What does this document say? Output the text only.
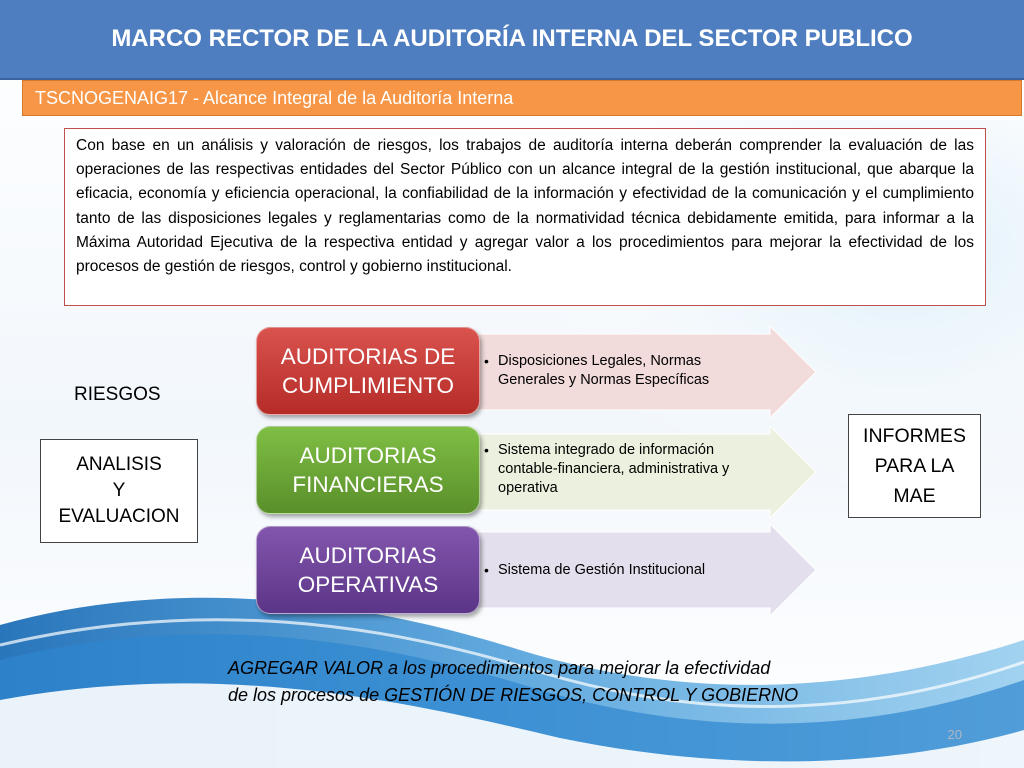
MARCO RECTOR DE LA AUDITORÍA INTERNA DEL SECTOR PUBLICO
TSCNOGENAIG17 - Alcance Integral de la Auditoría Interna
Con base en un análisis y valoración de riesgos, los trabajos de auditoría interna deberán comprender la evaluación de las operaciones de las respectivas entidades del Sector Público con un alcance integral de la gestión institucional, que abarque la eficacia, economía y eficiencia operacional, la confiabilidad de la información y efectividad de la comunicación y el cumplimiento tanto de las disposiciones legales y reglamentarias como de la normatividad técnica debidamente emitida, para informar a la Máxima Autoridad Ejecutiva de la respectiva entidad y agregar valor a los procedimientos para mejorar la efectividad de los procesos de gestión de riesgos, control y gobierno institucional.
RIESGOS
ANALISIS
Y
EVALUACION
INFORMES
PARA LA
MAE
AUDITORIAS DE
CUMPLIMIENTO
AUDITORIAS
FINANCIERAS
AUDITORIAS
OPERATIVAS
• Disposiciones Legales, Normas
Generales y Normas Específicas
• Sistema integrado de información
contable-financiera, administrativa y
operativa
• Sistema de Gestión Institucional
AGREGAR VALOR a los procedimientos para mejorar la efectividad
de los procesos de GESTIÓN DE RIESGOS, CONTROL Y GOBIERNO
20
